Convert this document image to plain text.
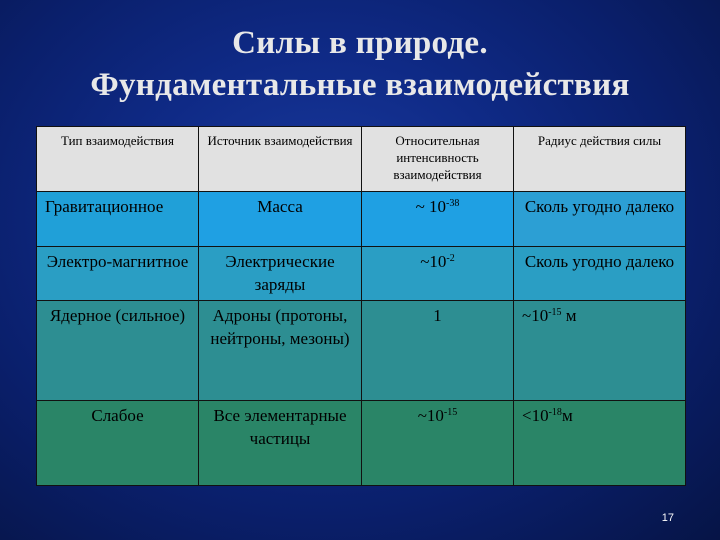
Силы в природе.
Фундаментальные взаимодействия
Тип взаимодействия	Источник взаимодействия	Относительная интенсивность взаимодействия	Радиус действия силы
Гравитационное	Масса	~ $10^{-38}$	Сколь угодно далеко
Электро-магнитное	Электрические заряды	$\sim 10^{-2}$	Сколь угодно далеко
Ядерное (сильное)	Адроны (протоны, нейтроны, мезоны)	1	$\sim 10^{-15}$ м
Слабое	Все элементарные частицы	$\sim 10^{-15}$	$<10^{-18}м$
17
